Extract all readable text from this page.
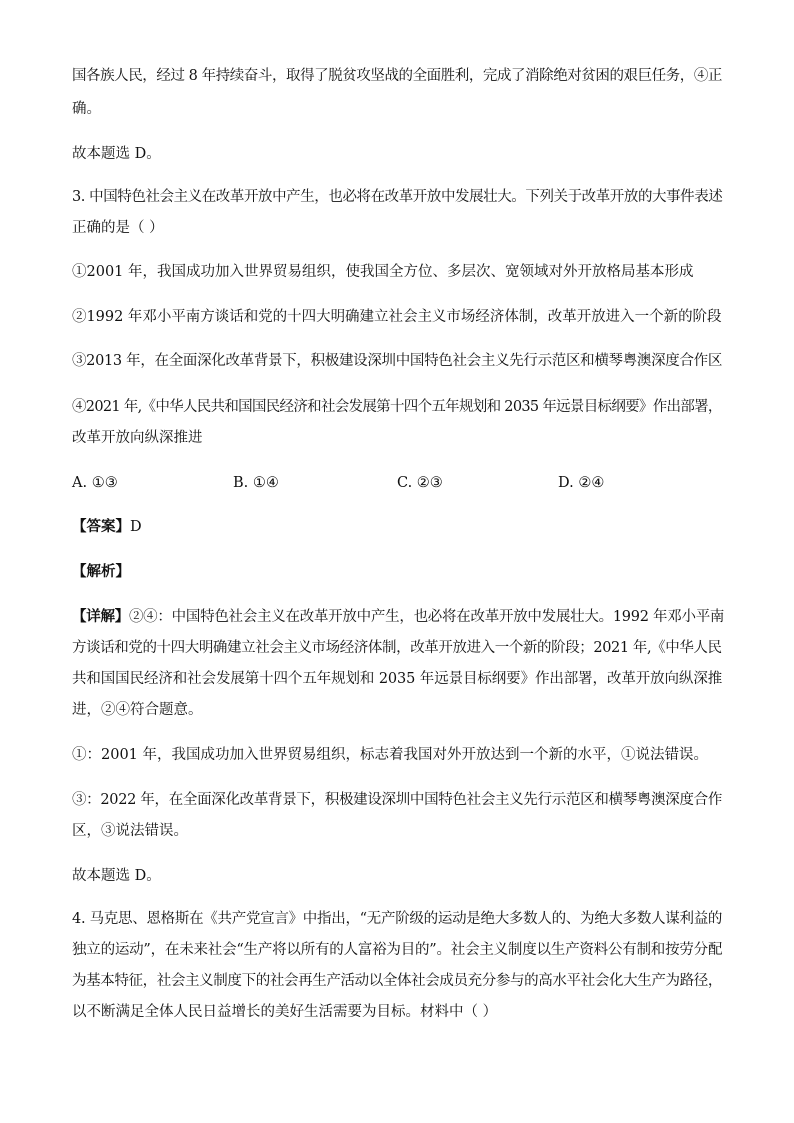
国各族人民，经过 8 年持续奋斗，取得了脱贫攻坚战的全面胜利，完成了消除绝对贫困的艰巨任务，④正
确。
故本题选 D。
3. 中国特色社会主义在改革开放中产生，也必将在改革开放中发展壮大。下列关于改革开放的大事件表述
正确的是（ ）
①2001 年，我国成功加入世界贸易组织，使我国全方位、多层次、宽领域对外开放格局基本形成
②1992 年邓小平南方谈话和党的十四大明确建立社会主义市场经济体制，改革开放进入一个新的阶段
③2013 年，在全面深化改革背景下，积极建设深圳中国特色社会主义先行示范区和横琴粤澳深度合作区
④2021 年,《中华人民共和国国民经济和社会发展第十四个五年规划和 2035 年远景目标纲要》作出部署，
改革开放向纵深推进
A. ①③	B. ①④	C. ②③	D. ②④
【答案】D
【解析】
【详解】②④：中国特色社会主义在改革开放中产生，也必将在改革开放中发展壮大。1992 年邓小平南
方谈话和党的十四大明确建立社会主义市场经济体制，改革开放进入一个新的阶段；2021 年,《中华人民
共和国国民经济和社会发展第十四个五年规划和 2035 年远景目标纲要》作出部署，改革开放向纵深推
进，②④符合题意。
①：2001 年，我国成功加入世界贸易组织，标志着我国对外开放达到一个新的水平，①说法错误。
③：2022 年，在全面深化改革背景下，积极建设深圳中国特色社会主义先行示范区和横琴粤澳深度合作
区，③说法错误。
故本题选 D。
4. 马克思、恩格斯在《共产党宣言》中指出，“无产阶级的运动是绝大多数人的、为绝大多数人谋利益的
独立的运动”，在未来社会“生产将以所有的人富裕为目的”。社会主义制度以生产资料公有制和按劳分配
为基本特征，社会主义制度下的社会再生产活动以全体社会成员充分参与的高水平社会化大生产为路径，
以不断满足全体人民日益增长的美好生活需要为目标。材料中（ ）
